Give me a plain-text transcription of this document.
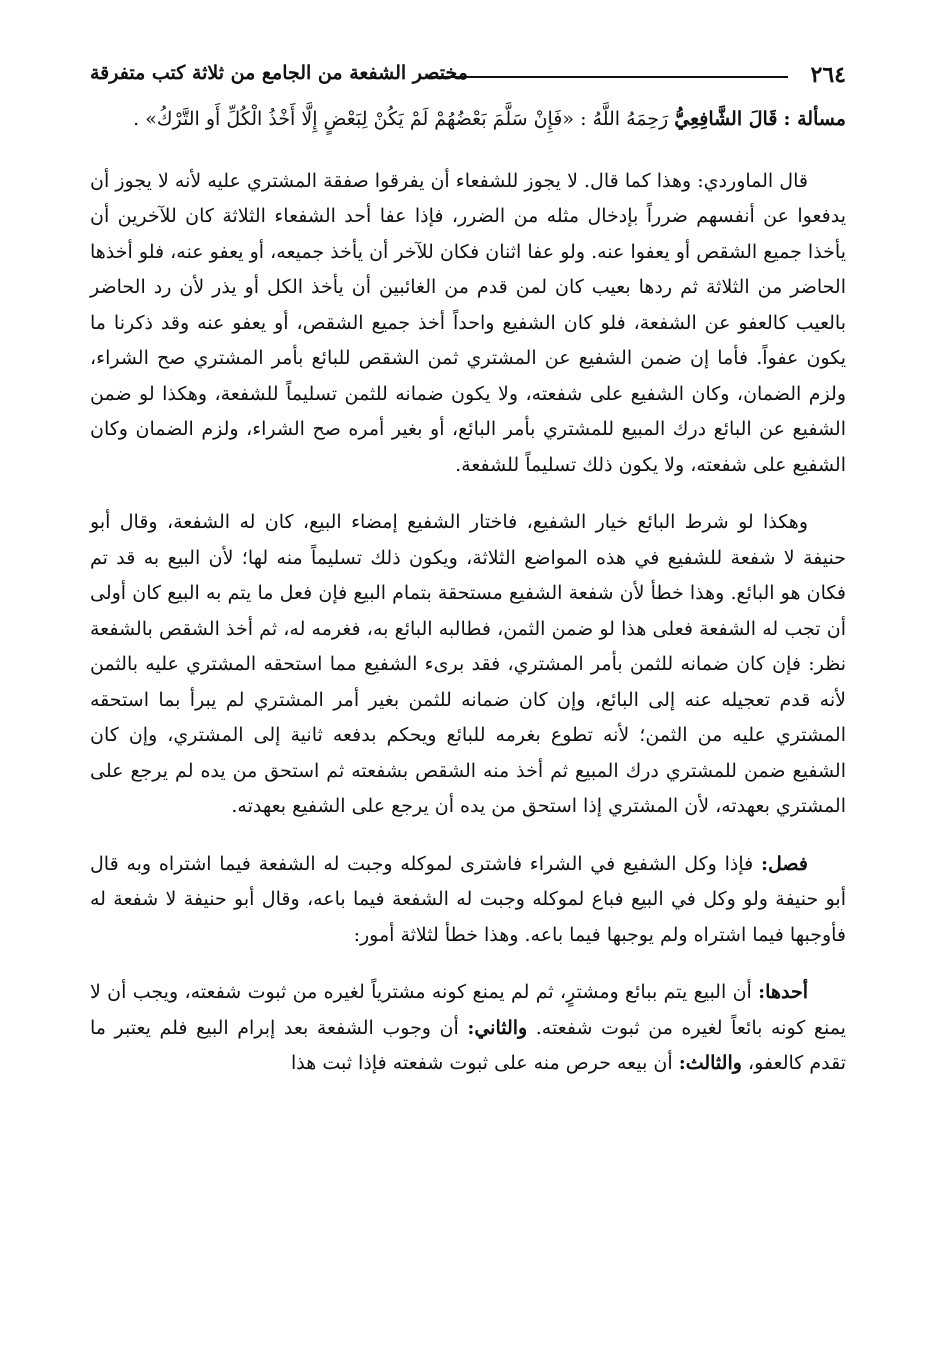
٢٦٤
مختصر الشفعة من الجامع من ثلاثة كتب متفرقة

مسألة : قَالَ الشَّافِعِيُّ رَحِمَهُ اللَّهُ : «فَإِنْ سَلَّمَ بَعْضُهُمْ لَمْ يَكُنْ لِبَعْضٍ إِلَّا أَخْذُ الْكُلِّ أَو التَّرْكُ» .

قال الماوردي: وهذا كما قال. لا يجوز للشفعاء أن يفرقوا صفقة المشتري عليه لأنه لا يجوز أن يدفعوا عن أنفسهم ضرراً بإدخال مثله من الضرر، فإذا عفا أحد الشفعاء الثلاثة كان للآخرين أن يأخذا جميع الشقص أو يعفوا عنه. ولو عفا اثنان فكان للآخر أن يأخذ جميعه، أو يعفو عنه، فلو أخذها الحاضر من الثلاثة ثم ردها بعيب كان لمن قدم من الغائبين أن يأخذ الكل أو يذر لأن رد الحاضر بالعيب كالعفو عن الشفعة، فلو كان الشفيع واحداً أخذ جميع الشقص، أو يعفو عنه وقد ذكرنا ما يكون عفواً. فأما إن ضمن الشفيع عن المشتري ثمن الشقص للبائع بأمر المشتري صح الشراء، ولزم الضمان، وكان الشفيع على شفعته، ولا يكون ضمانه للثمن تسليماً للشفعة، وهكذا لو ضمن الشفيع عن البائع درك المبيع للمشتري بأمر البائع، أو بغير أمره صح الشراء، ولزم الضمان وكان الشفيع على شفعته، ولا يكون ذلك تسليماً للشفعة.

وهكذا لو شرط البائع خيار الشفيع، فاختار الشفيع إمضاء البيع، كان له الشفعة، وقال أبو حنيفة لا شفعة للشفيع في هذه المواضع الثلاثة، ويكون ذلك تسليماً منه لها؛ لأن البيع به قد تم فكان هو البائع. وهذا خطأ لأن شفعة الشفيع مستحقة بتمام البيع فإن فعل ما يتم به البيع كان أولى أن تجب له الشفعة فعلى هذا لو ضمن الثمن، فطالبه البائع به، فغرمه له، ثم أخذ الشقص بالشفعة نظر: فإن كان ضمانه للثمن بأمر المشتري، فقد برىء الشفيع مما استحقه المشتري عليه بالثمن لأنه قدم تعجيله عنه إلى البائع، وإن كان ضمانه للثمن بغير أمر المشتري لم يبرأ بما استحقه المشتري عليه من الثمن؛ لأنه تطوع بغرمه للبائع ويحكم بدفعه ثانية إلى المشتري، وإن كان الشفيع ضمن للمشتري درك المبيع ثم أخذ منه الشقص بشفعته ثم استحق من يده لم يرجع على المشتري بعهدته، لأن المشتري إذا استحق من يده أن يرجع على الشفيع بعهدته.

فصل: فإذا وكل الشفيع في الشراء فاشترى لموكله وجبت له الشفعة فيما اشتراه وبه قال أبو حنيفة ولو وكل في البيع فباع لموكله وجبت له الشفعة فيما باعه، وقال أبو حنيفة لا شفعة له فأوجبها فيما اشتراه ولم يوجبها فيما باعه. وهذا خطأ لثلاثة أمور:

أحدها: أن البيع يتم ببائع ومشترٍ، ثم لم يمنع كونه مشترياً لغيره من ثبوت شفعته، ويجب أن لا يمنع كونه بائعاً لغيره من ثبوت شفعته. والثاني: أن وجوب الشفعة بعد إبرام البيع فلم يعتبر ما تقدم كالعفو، والثالث: أن بيعه حرص منه على ثبوت شفعته فإذا ثبت هذا
